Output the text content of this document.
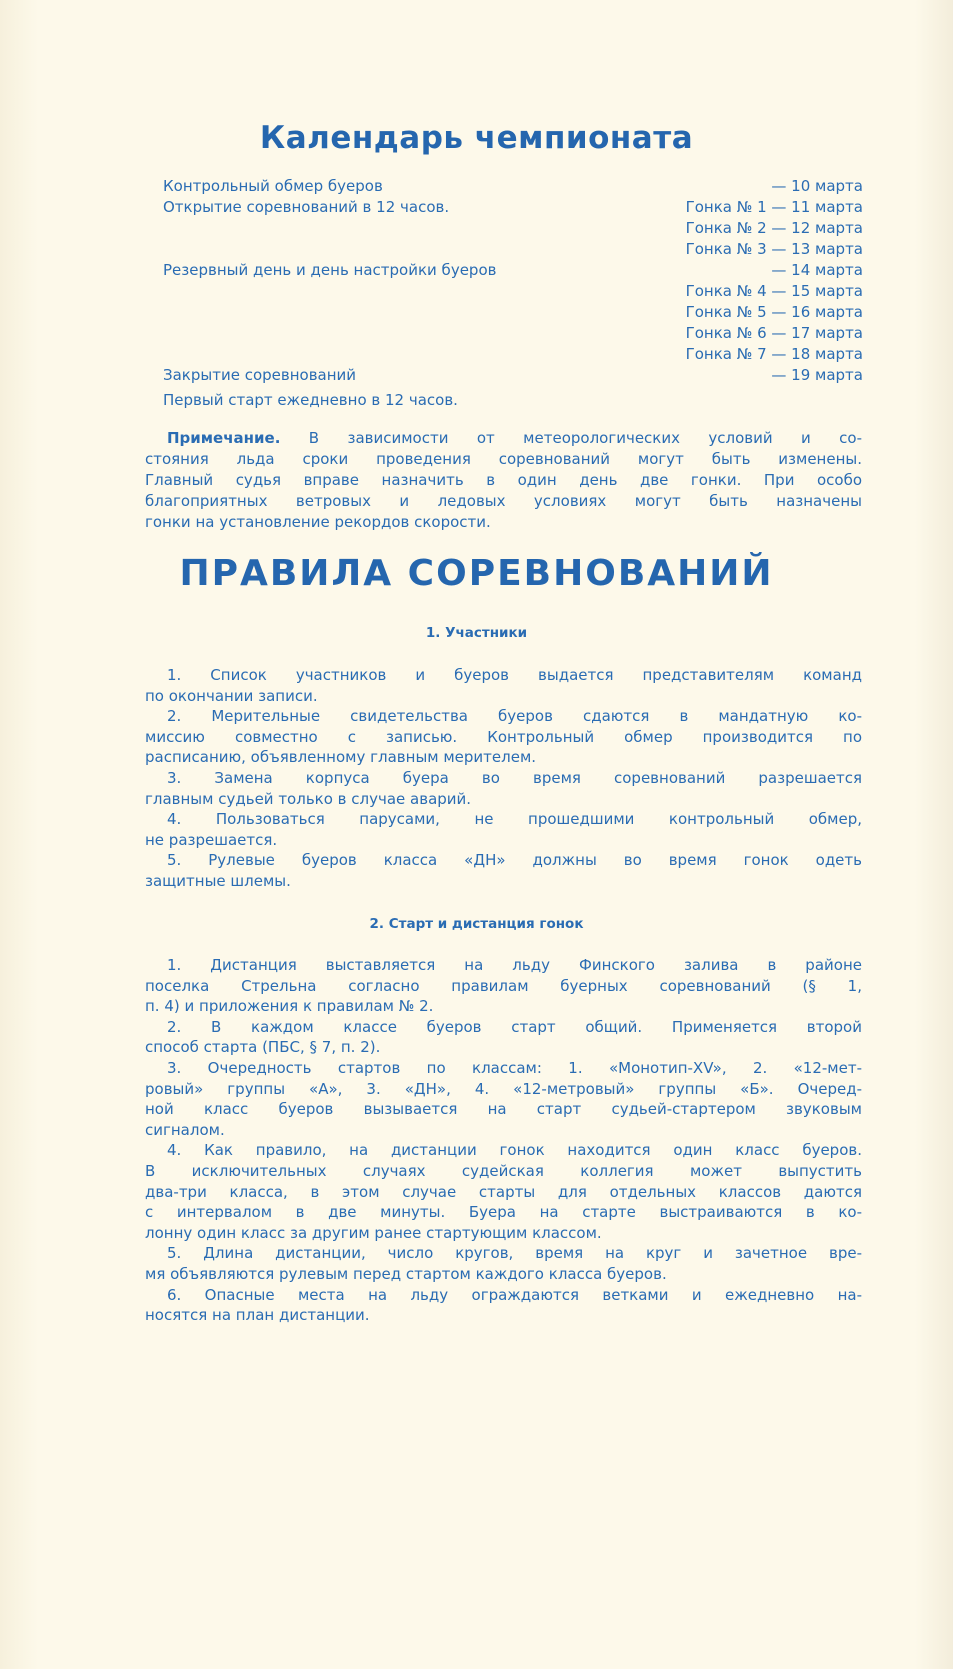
Календарь чемпионата
Контрольный обмер буеров	— 10 марта
Открытие соревнований в 12 часов.	Гонка № 1 — 11 марта
Гонка № 2 — 12 марта
Гонка № 3 — 13 марта
Резервный день и день настройки буеров	— 14 марта
Гонка № 4 — 15 марта
Гонка № 5 — 16 марта
Гонка № 6 — 17 марта
Гонка № 7 — 18 марта
Закрытие соревнований	— 19 марта
Первый старт ежедневно в 12 часов.
Примечание. В зависимости от метеорологических условий и со-
стояния льда сроки проведения соревнований могут быть изменены.
Главный судья вправе назначить в один день две гонки. При особо
благоприятных ветровых и ледовых условиях могут быть назначены
гонки на установление рекордов скорости.
ПРАВИЛА СОРЕВНОВАНИЙ
1. Участники
1. Список участников и буеров выдается представителям команд
по окончании записи.
2. Мерительные свидетельства буеров сдаются в мандатную ко-
миссию совместно с записью. Контрольный обмер производится по
расписанию, объявленному главным мерителем.
3. Замена корпуса буера во время соревнований разрешается
главным судьей только в случае аварий.
4. Пользоваться парусами, не прошедшими контрольный обмер,
не разрешается.
5. Рулевые буеров класса «ДН» должны во время гонок одеть
защитные шлемы.
2. Старт и дистанция гонок
1. Дистанция выставляется на льду Финского залива в районе
поселка Стрельна согласно правилам буерных соревнований (§ 1,
п. 4) и приложения к правилам № 2.
2. В каждом классе буеров старт общий. Применяется второй
способ старта (ПБС, § 7, п. 2).
3. Очередность стартов по классам: 1. «Монотип-XV», 2. «12-мет-
ровый» группы «А», 3. «ДН», 4. «12-метровый» группы «Б». Очеред-
ной класс буеров вызывается на старт судьей-стартером звуковым
сигналом.
4. Как правило, на дистанции гонок находится один класс буеров.
В исключительных случаях судейская коллегия может выпустить
два-три класса, в этом случае старты для отдельных классов даются
с интервалом в две минуты. Буера на старте выстраиваются в ко-
лонну один класс за другим ранее стартующим классом.
5. Длина дистанции, число кругов, время на круг и зачетное вре-
мя объявляются рулевым перед стартом каждого класса буеров.
6. Опасные места на льду ограждаются ветками и ежедневно на-
носятся на план дистанции.
